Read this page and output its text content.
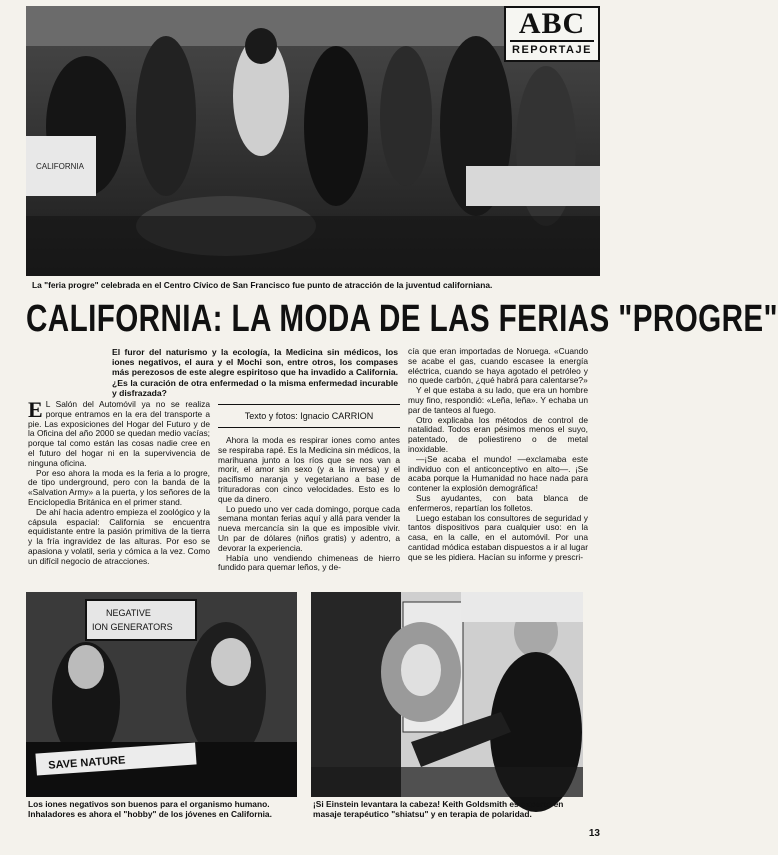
CALIFORNIA
ABC
REPORTAJE
La "feria progre" celebrada en el Centro Cívico de San Francisco fue punto de atracción de la juventud californiana.
CALIFORNIA: LA MODA DE LAS FERIAS "PROGRE"
El furor del naturismo y la ecología, la Medicina sin médicos, los iones negativos, el aura y el Mochi son, entre otros, los compases más perezosos de este alegre espiritoso que ha invadido a California. ¿Es la curación de otra enfermedad o la misma enfermedad incurable y disfrazada?
Texto y fotos: Ignacio CARRION

E L Salón del Automóvil ya no se realiza porque entramos en la era del transporte a pie. Las exposiciones del Hogar del Futuro y de la Oficina del año 2000 se quedan medio vacías; porque tal como están las cosas nadie cree en el futuro del hogar ni en la supervivencia de ninguna oficina.

Por eso ahora la moda es la feria a lo progre, de tipo underground, pero con la banda de la «Salvation Army» a la puerta, y los señores de la Enciclopedia Británica en el primer stand.

De ahí hacia adentro empieza el zoológico y la cápsula espacial: California se encuentra equidistante entre la pasión primitiva de la tierra y la fría ingravidez de las alturas. Por eso se apasiona y volatil, seria y cómica a la vez. Como un difícil negocio de atracciones.

Ahora la moda es respirar iones como antes se respiraba rapé. Es la Medicina sin médicos, la marihuana junto a los ríos que se nos van a morir, el amor sin sexo (y a la inversa) y el pacifismo naranja y vegetariano a base de trituradoras con cinco velocidades. Esto es lo que da dinero.

Lo puedo uno ver cada domingo, porque cada semana montan ferias aquí y allá para vender la nueva mercancía sin la que es imposible vivir. Un par de dólares (niños gratis) y adentro, a devorar la experiencia.

Había uno vendiendo chimeneas de hierro fundido para quemar leños, y de-

cía que eran importadas de Noruega. «Cuando se acabe el gas, cuando escasee la energía eléctrica, cuando se haya agotado el petróleo y no quede carbón, ¿qué habrá para calentarse?»

Y el que estaba a su lado, que era un hombre muy fino, respondió: «Leña, leña». Y echaba un par de tanteos al fuego.

Otro explicaba los métodos de control de natalidad. Todos eran pésimos menos el suyo, patentado, de poliestireno o de metal inoxidable.

—¡Se acaba el mundo! —exclamaba este individuo con el anticonceptivo en alto—. ¡Se acaba porque la Humanidad no hace nada para contener la explosión demográfica!

Sus ayudantes, con bata blanca de enfermeros, repartían los folletos.

Luego estaban los consultores de seguridad y tantos dispositivos para cualquier uso: en la casa, en la calle, en el automóvil. Por una cantidad módica estaban dispuestos a ir al lugar que se les pidiera. Hacían su informe y prescri-

NEGATIVE
ION GENERATORS
SAVE NATURE
Los iones negativos son buenos para el organismo humano. Inhaladores es ahora el "hobby" de los jóvenes en California.
¡Si Einstein levantara la cabeza! Keith Goldsmith es experto en masaje terapéutico "shiatsu" y en terapia de polaridad.
13
